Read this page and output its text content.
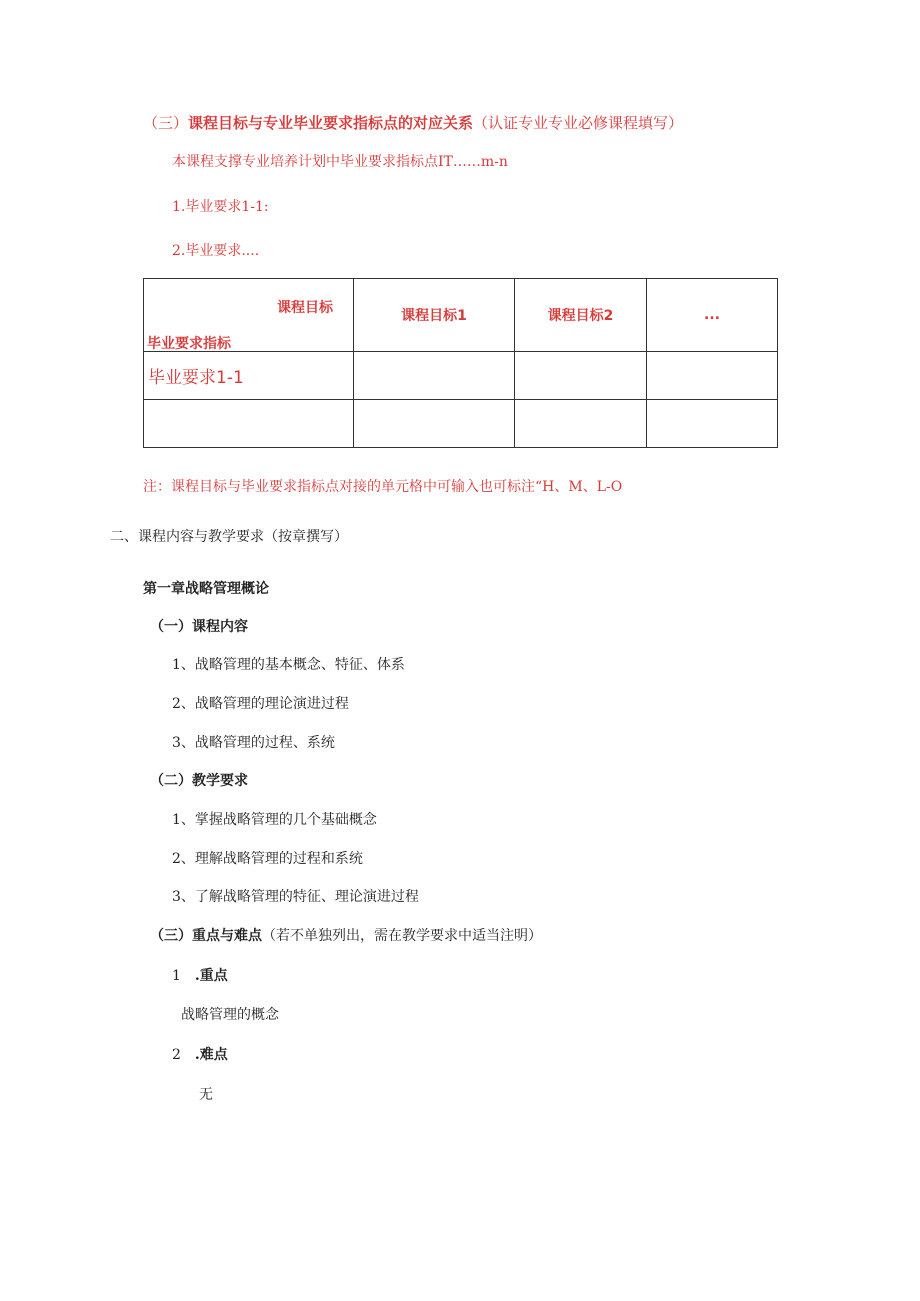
（三）课程目标与专业毕业要求指标点的对应关系（认证专业专业必修课程填写）
本课程支撑专业培养计划中毕业要求指标点IT……m-n
1.毕业要求1-1:
2.毕业要求....
课程目标
毕业要求指标	课程目标1	课程目标2	...
毕业要求1-1			

注：课程目标与毕业要求指标点对接的单元格中可输入也可标注“H、M、L-O
二、课程内容与教学要求（按章撰写）
第一章战略管理概论
（一）课程内容
1、战略管理的基本概念、特征、体系
2、战略管理的理论演进过程
3、战略管理的过程、系统
（二）教学要求
1、掌握战略管理的几个基础概念
2、理解战略管理的过程和系统
3、了解战略管理的特征、理论演进过程
（三）重点与难点（若不单独列出，需在教学要求中适当注明）
1 .重点
战略管理的概念
2 .难点
无
